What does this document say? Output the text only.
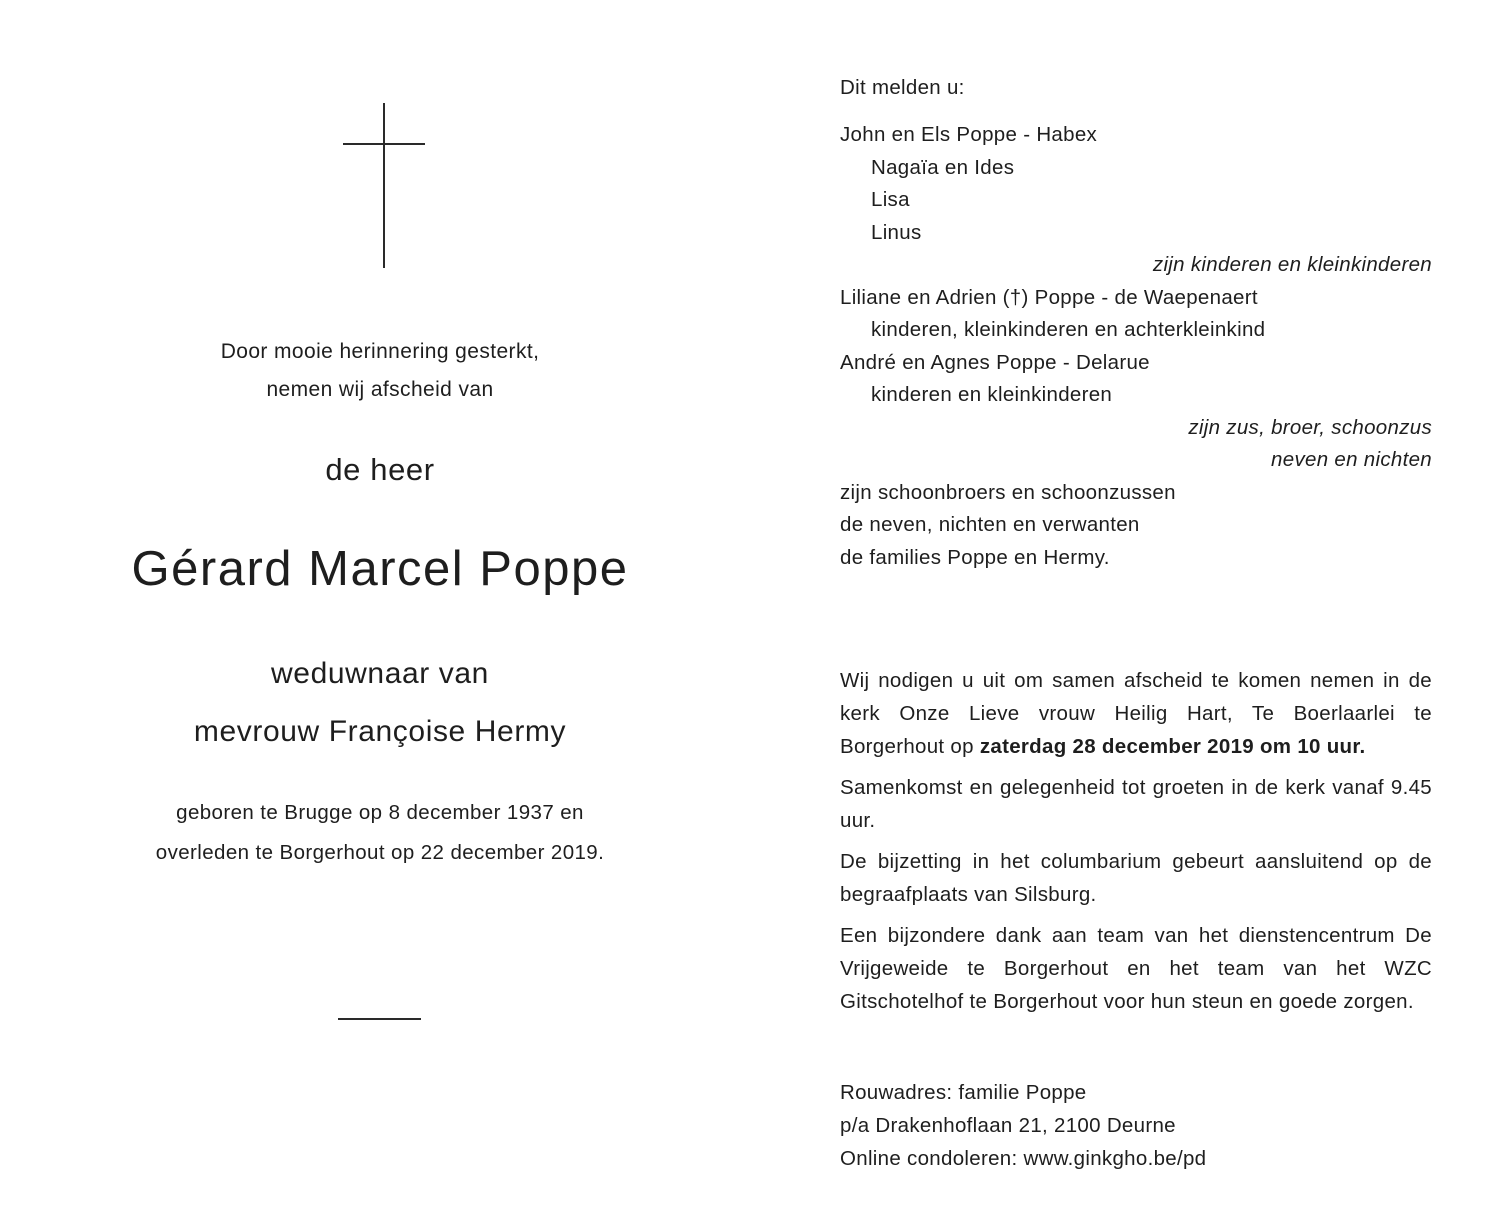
Door mooie herinnering gesterkt,
nemen wij afscheid van
de heer
Gérard Marcel Poppe
weduwnaar van
mevrouw Françoise Hermy
geboren te Brugge op 8 december 1937 en
overleden te Borgerhout op 22 december 2019.
Dit melden u:
John en Els Poppe - Habex
Nagaïa en Ides
Lisa
Linus
zijn kinderen en kleinkinderen
Liliane en Adrien (†) Poppe - de Waepenaert
kinderen, kleinkinderen en achterkleinkind
André en Agnes Poppe - Delarue
kinderen en kleinkinderen
zijn zus, broer, schoonzus
neven en nichten
zijn schoonbroers en schoonzussen
de neven, nichten en verwanten
de families Poppe en Hermy.

Wij nodigen u uit om samen afscheid te komen nemen in de kerk Onze Lieve vrouw Heilig Hart, Te Boerlaarlei te Borgerhout op zaterdag 28 december 2019 om 10 uur.

Samenkomst en gelegenheid tot groeten in de kerk vanaf 9.45 uur.

De bijzetting in het columbarium gebeurt aansluitend op de begraafplaats van Silsburg.

Een bijzondere dank aan team van het dienstencentrum De Vrijgeweide te Borgerhout en het team van het WZC Gitschotelhof te Borgerhout voor hun steun en goede zorgen.

Rouwadres: familie Poppe
p/a Drakenhoflaan 21, 2100 Deurne
Online condoleren: www.ginkgho.be/pd
